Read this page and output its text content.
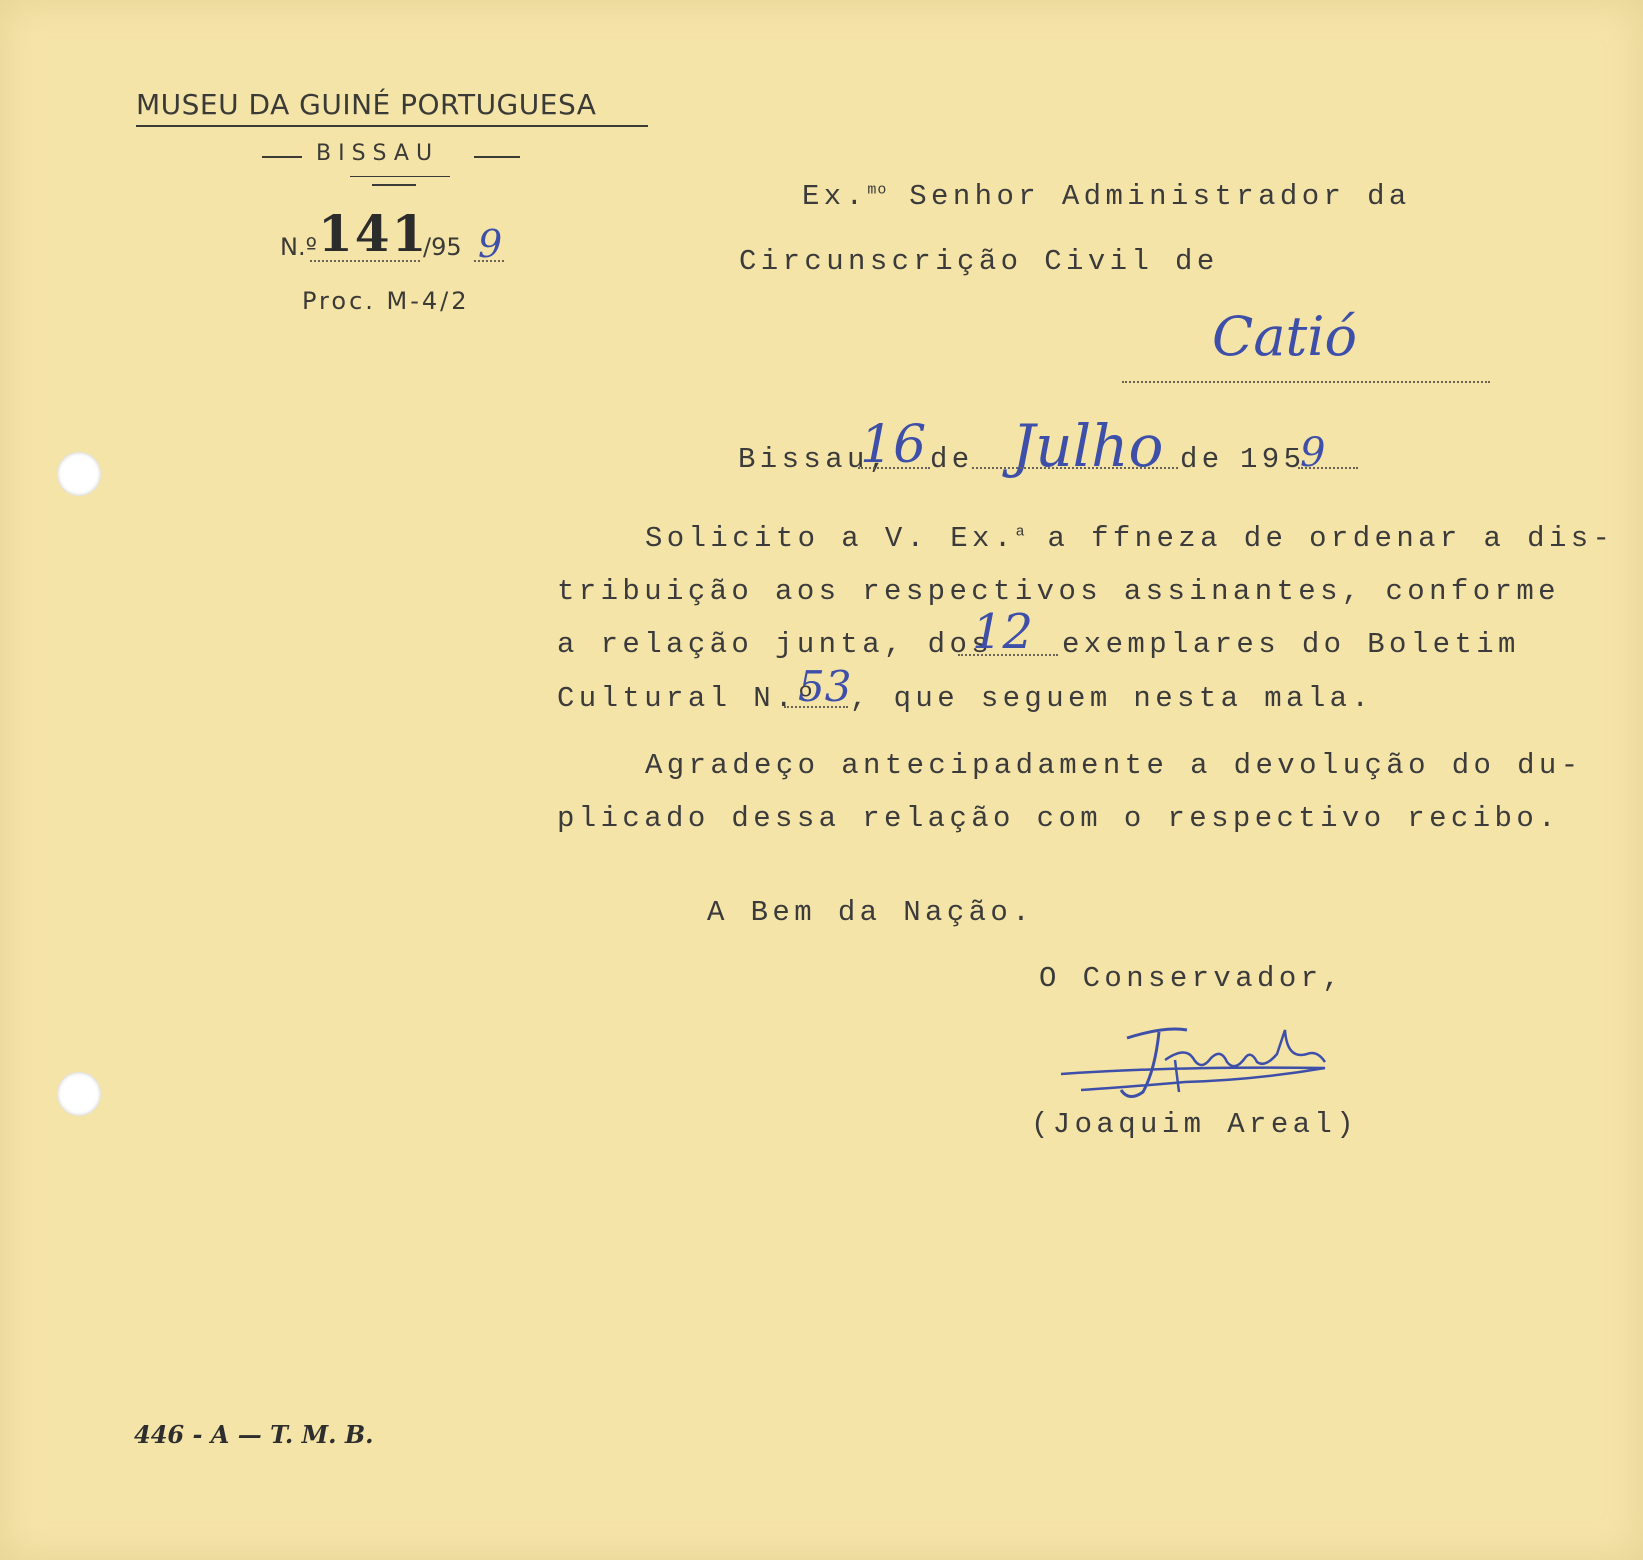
MUSEU DA GUINÉ PORTUGUESA
BISSAU
N.º 141
/95 9
Proc. M-4/2
Ex.$^{mo}$ Senhor Administrador da
Circunscrição Civil de
Catió
Bissau,
16 de Julho de 195
9
Solicito a V. Ex.$^a$ a ffneza de ordenar a dis-
tribuição aos respectivos assinantes, conforme
a relação junta, dos
12 exemplares do Boletim
Cultural N.º
53
, que seguem nesta mala.
Agradeço antecipadamente a devolução do du-
plicado dessa relação com o respectivo recibo.
A Bem da Nação.
O Conservador,
(Joaquim Areal)
446 - A — T. M. B.
